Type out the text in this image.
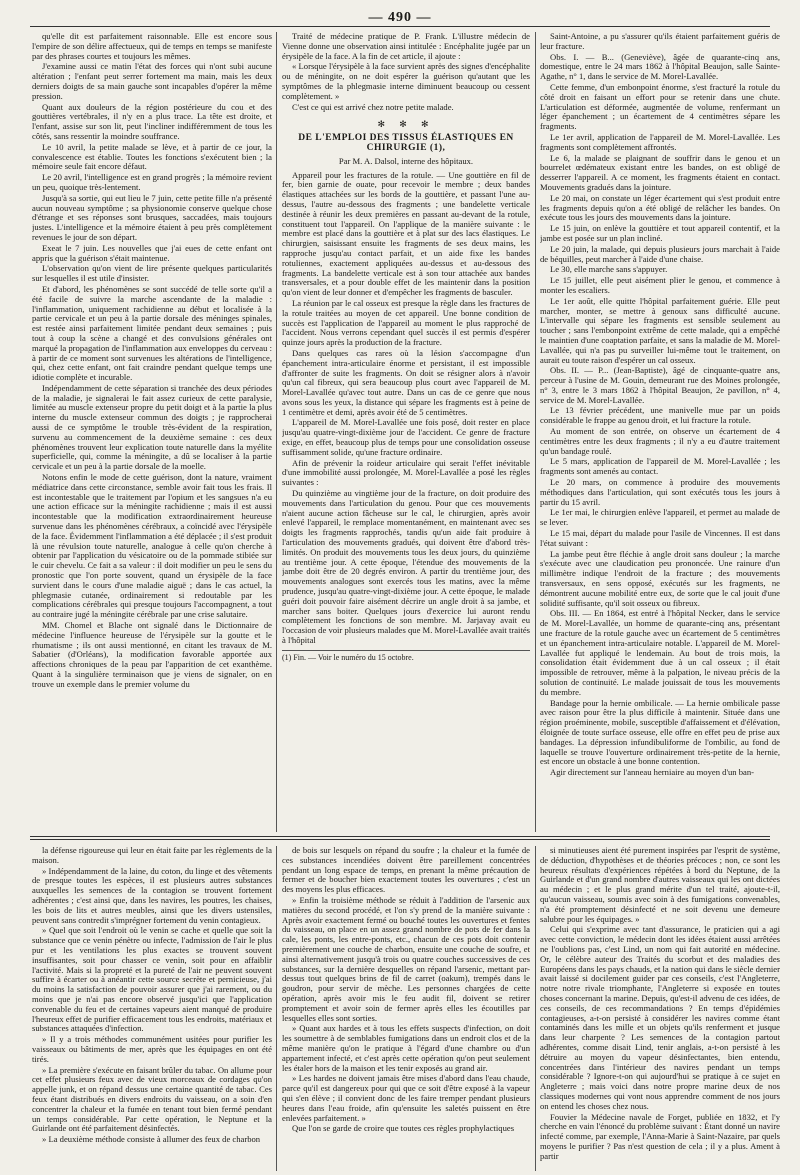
— 490 —

qu'elle dit est parfaitement raisonnable. Elle est encore sous l'empire de son délire affectueux, qui de temps en temps se manifeste par des phrases courtes et toujours les mêmes.

J'examine aussi ce matin l'état des forces qui n'ont subi aucune altération ; l'enfant peut serrer fortement ma main, mais les deux derniers doigts de sa main gauche sont incapables d'opérer la même pression.

Quant aux douleurs de la région postérieure du cou et des gouttières vertébrales, il n'y en a plus trace. La tête est droite, et l'enfant, assise sur son lit, peut l'incliner indifféremment de tous les côtés, sans ressentir la moindre souffrance.

Le 10 avril, la petite malade se lève, et à partir de ce jour, la convalescence est établie. Toutes les fonctions s'exécutent bien ; la mémoire seule fait encore défaut.

Le 20 avril, l'intelligence est en grand progrès ; la mémoire revient un peu, quoique très-lentement.

Jusqu'à sa sortie, qui eut lieu le 7 juin, cette petite fille n'a présenté aucun nouveau symptôme ; sa physionomie conserve quelque chose d'étrange et ses réponses sont brusques, saccadées, mais toujours justes. L'intelligence et la mémoire étaient à peu près complètement revenues le jour de son départ.

Exeat le 7 juin. Les nouvelles que j'ai eues de cette enfant ont appris que la guérison s'était maintenue.

L'observation qu'on vient de lire présente quelques particularités sur lesquelles il est utile d'insister.

Et d'abord, les phénomènes se sont succédé de telle sorte qu'il a été facile de suivre la marche ascendante de la maladie : l'inflammation, uniquement rachidienne au début et localisée à la partie cervicale et un peu à la partie dorsale des méninges spinales, est restée ainsi parfaitement limitée pendant deux semaines ; puis tout à coup la scène a changé et des convulsions générales ont marqué la propagation de l'inflammation aux enveloppes du cerveau : à partir de ce moment sont survenues les altérations de l'intelligence, qui, chez cette enfant, ont fait craindre pendant quelque temps une idiotie complète et incurable.

Indépendamment de cette séparation si tranchée des deux périodes de la maladie, je signalerai le fait assez curieux de cette paralysie, limitée au muscle extenseur propre du petit doigt et à la partie la plus interne du muscle extenseur commun des doigts ; je rapprocherai aussi de ce symptôme le trouble très-évident de la respiration, survenu au commencement de la deuxième semaine : ces deux phénomènes trouvent leur explication toute naturelle dans la myélite superficielle, qui, comme la méningite, a dû se localiser à la partie cervicale et un peu à la partie dorsale de la moelle.

Notons enfin le mode de cette guérison, dont la nature, vraiment médiatrice dans cette circonstance, semble avoir fait tous les frais. Il est incontestable que le traitement par l'opium et les sangsues n'a eu une action efficace sur la méningite rachidienne ; mais il est aussi incontestable que la modification extraordinairement heureuse survenue dans les phénomènes cérébraux, a coïncidé avec l'érysipèle de la face. Évidemment l'inflammation a été déplacée ; il s'est produit là une révulsion toute naturelle, analogue à celle qu'on cherche à obtenir par l'application du vésicatoire ou de la pommade stibiée sur le cuir chevelu. Ce fait a sa valeur : il doit modifier un peu le sens du pronostic que l'on porte souvent, quand un érysipèle de la face survient dans le cours d'une maladie aiguë ; dans le cas actuel, la phlegmasie cutanée, ordinairement si redoutable par les complications cérébrales qui presque toujours l'accompagnent, a tout au contraire jugé la méningite cérébrale par une crise salutaire.

MM. Chomel et Blache ont signalé dans le Dictionnaire de médecine l'influence heureuse de l'érysipèle sur la goutte et le rhumatisme ; ils ont aussi mentionné, en citant les travaux de M. Sabatier (d'Orléans), la modification favorable apportée aux affections chroniques de la peau par l'apparition de cet exanthème. Quant à la singulière terminaison que je viens de signaler, on en trouve un exemple dans le premier volume du

Traité de médecine pratique de P. Frank. L'illustre médecin de Vienne donne une observation ainsi intitulée : Encéphalite jugée par un érysipèle de la face. A la fin de cet article, il ajoute :

« Lorsque l'érysipèle à la face survient après des signes d'encéphalite ou de méningite, on ne doit espérer la guérison qu'autant que les symptômes de la phlegmasie interne diminuent beaucoup ou cessent complètement. »

C'est ce qui est arrivé chez notre petite malade.

✻ ✻ ✻
DE L'EMPLOI DES TISSUS ÉLASTIQUES EN CHIRURGIE (1),
Par M. A. Dalsol, interne des hôpitaux.

Appareil pour les fractures de la rotule. — Une gouttière en fil de fer, bien garnie de ouate, pour recevoir le membre ; deux bandes élastiques attachées sur les bords de la gouttière, et passant l'une au-dessus, l'autre au-dessous des fragments ; une bandelette verticale destinée à réunir les deux premières en passant au-devant de la rotule, constituent tout l'appareil. On l'applique de la manière suivante : le membre est placé dans la gouttière et à plat sur des lacs élastiques. Le chirurgien, saisissant ensuite les fragments de ses deux mains, les rapproche jusqu'au contact parfait, et un aide fixe les bandes rotuliennes, exactement appliquées au-dessus et au-dessous des fragments. La bandelette verticale est à son tour attachée aux bandes transversales, et a pour double effet de les maintenir dans la position qu'on vient de leur donner et d'empêcher les fragments de basculer.

La réunion par le cal osseux est presque la règle dans les fractures de la rotule traitées au moyen de cet appareil. Une bonne condition de succès est l'application de l'appareil au moment le plus rapproché de l'accident. Nous verrons cependant quel succès il est permis d'espérer quinze jours après la production de la fracture.

Dans quelques cas rares où la lésion s'accompagne d'un épanchement intra-articulaire énorme et persistant, il est impossible d'affronter de suite les fragments. On doit se résigner alors à n'avoir qu'un cal fibreux, qui sera beaucoup plus court avec l'appareil de M. Morel-Lavallée qu'avec tout autre. Dans un cas de ce genre que nous avons sous les yeux, la distance qui sépare les fragments est à peine de 1 centimètre et demi, après avoir été de 5 centimètres.

L'appareil de M. Morel-Lavallée une fois posé, doit rester en place jusqu'au quatre-vingt-dixième jour de l'accident. Ce genre de fracture exige, en effet, beaucoup plus de temps pour une consolidation osseuse suffisamment solide, qu'une fracture ordinaire.

Afin de prévenir la roideur articulaire qui serait l'effet inévitable d'une immobilité aussi prolongée, M. Morel-Lavallée a posé les règles suivantes :

Du quinzième au vingtième jour de la fracture, on doit produire des mouvements dans l'articulation du genou. Pour que ces mouvements n'aient aucune action fâcheuse sur le cal, le chirurgien, après avoir enlevé l'appareil, le remplace momentanément, en maintenant avec ses doigts les fragments rapprochés, tandis qu'un aide fait produire à l'articulation des mouvements gradués, qui doivent être d'abord très-limités. On produit des mouvements tous les deux jours, du quinzième au trentième jour. A cette époque, l'étendue des mouvements de la jambe doit être de 20 degrés environ. A partir du trentième jour, des mouvements analogues sont exercés tous les matins, avec la même prudence, jusqu'au quatre-vingt-dixième jour. A cette époque, le malade guéri doit pouvoir faire aisément décrire un angle droit à sa jambe, et marcher sans boiter. Quelques jours d'exercice lui auront rendu complètement les fonctions de son membre. M. Jarjavay avait eu l'occasion de voir plusieurs malades que M. Morel-Lavallée avait traités à l'hôpital

(1) Fin. — Voir le numéro du 15 octobre.

Saint-Antoine, a pu s'assurer qu'ils étaient parfaitement guéris de leur fracture.

Obs. I. — B... (Geneviève), âgée de quarante-cinq ans, domestique, entre le 24 mars 1862 à l'hôpital Beaujon, salle Sainte-Agathe, n° 1, dans le service de M. Morel-Lavallée.

Cette femme, d'un embonpoint énorme, s'est fracturé la rotule du côté droit en faisant un effort pour se retenir dans une chute. L'articulation est déformée, augmentée de volume, renfermant un léger épanchement ; un écartement de 4 centimètres sépare les fragments.

Le 1er avril, application de l'appareil de M. Morel-Lavallée. Les fragments sont complètement affrontés.

Le 6, la malade se plaignant de souffrir dans le genou et un bourrelet œdémateux existant entre les bandes, on est obligé de desserrer l'appareil. A ce moment, les fragments étaient en contact. Mouvements gradués dans la jointure.

Le 20 mai, on constate un léger écartement qui s'est produit entre les fragments depuis qu'on a été obligé de relâcher les bandes. On exécute tous les jours des mouvements dans la jointure.

Le 15 juin, on enlève la gouttière et tout appareil contentif, et la jambe est posée sur un plan incliné.

Le 20 juin, la malade, qui depuis plusieurs jours marchait à l'aide de béquilles, peut marcher à l'aide d'une chaise.

Le 30, elle marche sans s'appuyer.

Le 15 juillet, elle peut aisément plier le genou, et commence à monter les escaliers.

Le 1er août, elle quitte l'hôpital parfaitement guérie. Elle peut marcher, monter, se mettre à genoux sans difficulté aucune. L'intervalle qui sépare les fragments est sensible seulement au toucher ; sans l'embonpoint extrême de cette malade, qui a empêché le maintien d'une coaptation parfaite, et sans la maladie de M. Morel-Lavallée, qui n'a pas pu surveiller lui-même tout le traitement, on aurait eu toute raison d'espérer un cal osseux.

Obs. II. — P... (Jean-Baptiste), âgé de cinquante-quatre ans, perceur à l'usine de M. Gouin, demeurant rue des Moines prolongée, n° 3, entre le 3 mars 1862 à l'hôpital Beaujon, 2e pavillon, n° 4, service de M. Morel-Lavallée.

Le 13 février précédent, une manivelle mue par un poids considérable le frappe au genou droit, et lui fracture la rotule.

Au moment de son entrée, on observe un écartement de 4 centimètres entre les deux fragments ; il n'y a eu d'autre traitement qu'un bandage roulé.

Le 5 mars, application de l'appareil de M. Morel-Lavallée ; les fragments sont amenés au contact.

Le 20 mars, on commence à produire des mouvements méthodiques dans l'articulation, qui sont exécutés tous les jours à partir du 15 avril.

Le 1er mai, le chirurgien enlève l'appareil, et permet au malade de se lever.

Le 15 mai, départ du malade pour l'asile de Vincennes. Il est dans l'état suivant :

La jambe peut être fléchie à angle droit sans douleur ; la marche s'exécute avec une claudication peu prononcée. Une rainure d'un millimètre indique l'endroit de la fracture ; des mouvements transversaux, en sens opposé, exécutés sur les fragments, ne démontrent aucune mobilité entre eux, de sorte que le cal jouit d'une solidité suffisante, qu'il soit osseux ou fibreux.

Obs. III. — En 1864, est entré à l'hôpital Necker, dans le service de M. Morel-Lavallée, un homme de quarante-cinq ans, présentant une fracture de la rotule gauche avec un écartement de 5 centimètres et un épanchement intra-articulaire notable. L'appareil de M. Morel-Lavallée fut appliqué le lendemain. Au bout de trois mois, la consolidation était évidemment due à un cal osseux ; il était impossible de retrouver, même à la palpation, le niveau précis de la solution de continuité. Le malade jouissait de tous les mouvements du membre.

Bandage pour la hernie ombilicale. — La hernie ombilicale passe avec raison pour être la plus difficile à maintenir. Située dans une région proéminente, mobile, susceptible d'affaissement et d'élévation, éloignée de toute surface osseuse, elle offre en effet peu de prise aux bandages. La dépression infundibuliforme de l'ombilic, au fond de laquelle se trouve l'ouverture ordinairement très-petite de la hernie, est encore un obstacle à une bonne contention.

Agir directement sur l'anneau herniaire au moyen d'un ban-

la défense rigoureuse qui leur en était faite par les règlements de la maison.

» Indépendamment de la laine, du coton, du linge et des vêtements de presque toutes les espèces, il est plusieurs autres substances auxquelles les semences de la contagion se trouvent fortement adhérentes ; c'est ainsi que, dans les navires, les poutres, les chaises, les bois de lits et autres meubles, ainsi que les divers ustensiles, peuvent sans contredit s'imprégner fortement du venin contagieux.

» Quel que soit l'endroit où le venin se cache et quelle que soit la substance que ce venin pénètre ou infecte, l'admission de l'air le plus pur et les ventilations les plus exactes se trouvent souvent insuffisantes, soit pour chasser ce venin, soit pour en affaiblir l'activité. Mais si la propreté et la pureté de l'air ne peuvent souvent suffire à écarter ou à anéantir cette source secrète et pernicieuse, j'ai du moins la satisfaction de pouvoir assurer que j'ai rarement, ou du moins que je n'ai pas encore observé jusqu'ici que l'application convenable du feu et de certaines vapeurs aient manqué de produire l'heureux effet de purifier efficacement tous les endroits, matériaux et substances attaquées d'infection.

» Il y a trois méthodes communément usitées pour purifier les vaisseaux ou bâtiments de mer, après que les équipages en ont été tirés.

» La première s'exécute en faisant brûler du tabac. On allume pour cet effet plusieurs feux avec de vieux morceaux de cordages qu'on appelle junk, et on répand dessus une certaine quantité de tabac. Ces feux étant distribués en divers endroits du vaisseau, on a soin d'en concentrer la chaleur et la fumée en tenant tout bien fermé pendant un temps considérable. Par cette opération, le Neptune et la Guirlande ont été parfaitement désinfectés.

» La deuxième méthode consiste à allumer des feux de charbon

de bois sur lesquels on répand du soufre ; la chaleur et la fumée de ces substances incendiées doivent être pareillement concentrées pendant un long espace de temps, en prenant la même précaution de fermer et de boucher bien exactement toutes les ouvertures ; c'est un des moyens les plus efficaces.

» Enfin la troisième méthode se réduit à l'addition de l'arsenic aux matières du second procédé, et l'on s'y prend de la manière suivante : Après avoir exactement fermé ou bouché toutes les ouvertures et fentes du vaisseau, on place en un assez grand nombre de pots de fer dans la cale, les ponts, les entre-ponts, etc., chacun de ces pots doit contenir premièrement une couche de charbon, ensuite une couche de soufre, et ainsi alternativement jusqu'à trois ou quatre couches successives de ces substances, sur la dernière desquelles on répand l'arsenic, mettant par-dessus tout quelques brins de fil de carret (oakum), trempés dans le goudron, pour servir de mèche. Les personnes chargées de cette opération, après avoir mis le feu audit fil, doivent se retirer promptement et avoir soin de fermer après elles les écoutilles par lesquelles elles sont sorties.

» Quant aux hardes et à tous les effets suspects d'infection, on doit les soumettre à de semblables fumigations dans un endroit clos et de la même manière qu'on le pratique à l'égard d'une chambre ou d'un appartement infecté, et c'est après cette opération qu'on peut seulement les étaler hors de la maison et les tenir exposés au grand air.

» Les hardes ne doivent jamais être mises d'abord dans l'eau chaude, parce qu'il est dangereux pour qui que ce soit d'être exposé à la vapeur qui s'en élève ; il convient donc de les faire tremper pendant plusieurs heures dans l'eau froide, afin qu'ensuite les saletés puissent en être enlevées parfaitement. »

Que l'on se garde de croire que toutes ces règles prophylactiques

si minutieuses aient été purement inspirées par l'esprit de système, de déduction, d'hypothèses et de théories précoces ; non, ce sont les heureux résultats d'expériences répétées à bord du Neptune, de la Guirlande et d'un grand nombre d'autres vaisseaux qui les ont dictées au médecin ; et le plus grand mérite d'un tel traité, ajoute-t-il, qu'aucun vaisseau, soumis avec soin à des fumigations convenables, n'a été promptement désinfecté et ne soit devenu une demeure salubre pour les équipages. »

Celui qui s'exprime avec tant d'assurance, le praticien qui a agi avec cette conviction, le médecin dont les idées étaient aussi arrêtées ne l'oublions pas, c'est Lind, un nom qui fait autorité en médecine. Or, le célèbre auteur des Traités du scorbut et des maladies des Européens dans les pays chauds, et la nation qui dans le siècle dernier avait laissé si docilement guider par ces conseils, c'est l'Angleterre, notre notre rivale triomphante, l'Angleterre si exposée en toutes choses concernant la marine. Depuis, qu'est-il advenu de ces idées, de ces conseils, de ces recommandations ? En temps d'épidémies contagieuses, a-t-on persisté à considérer les navires comme étant contaminés dans les mille et un objets qu'ils renferment et jusque dans leur charpente ? Les semences de la contagion partout adhérentes, comme disait Lind, tenir anglais, a-t-on persisté à les détruire au moyen du vapeur désinfectantes, bien entendu, concentrées dans l'intérieur des navires pendant un temps considérable ? Ignore-t-on qui aujourd'hui se pratique à ce sujet en Angleterre ; mais voici dans notre propre marine deux de nos classiques modernes qui vont nous apprendre comment de nos jours on entend les choses chez nous.

Fouvier la Médecine navale de Forget, publiée en 1832, et l'y cherche en vain l'énoncé du problème suivant : Étant donné un navire infecté comme, par exemple, l'Anna-Marie à Saint-Nazaire, par quels moyens le purifier ? Pas n'est question de cela ; il y a plus. Ament à partir
